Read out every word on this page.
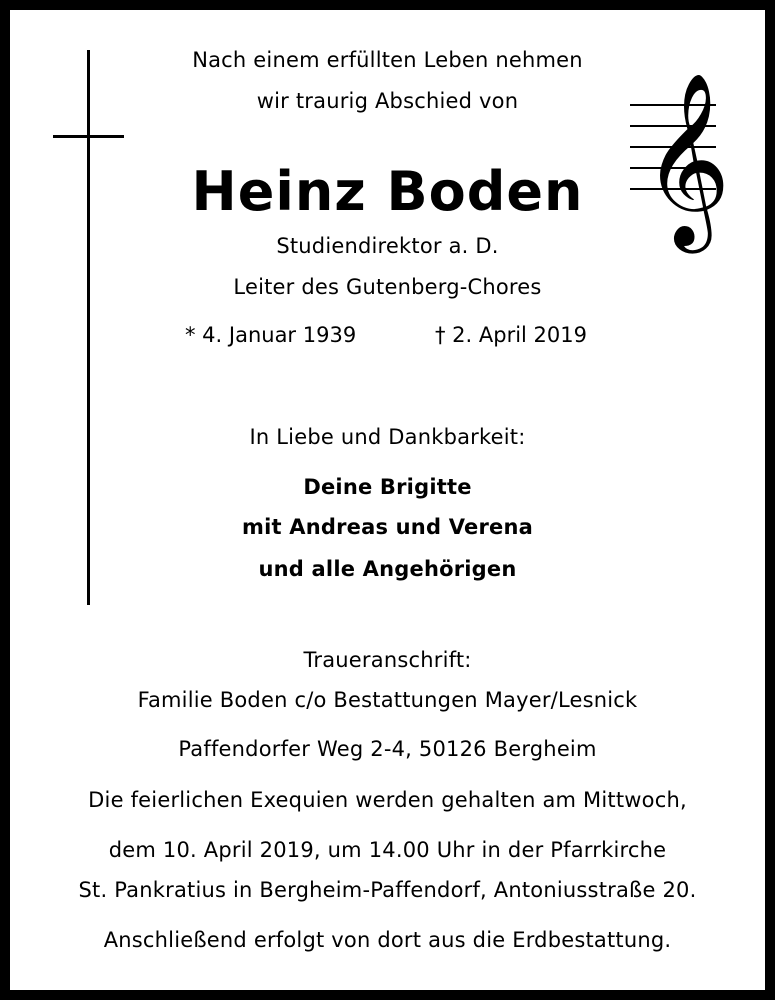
𝄞
Nach einem erfüllten Leben nehmen
wir traurig Abschied von
Heinz Boden
Studiendirektor a. D.
Leiter des Gutenberg-Chores
* 4. Januar 1939	† 2. April 2019
In Liebe und Dankbarkeit:
Deine Brigitte
mit Andreas und Verena
und alle Angehörigen
Traueranschrift:
Familie Boden c/o Bestattungen Mayer/Lesnick
Paffendorfer Weg 2-4, 50126 Bergheim
Die feierlichen Exequien werden gehalten am Mittwoch,
dem 10. April 2019, um 14.00 Uhr in der Pfarrkirche
St. Pankratius in Bergheim-Paffendorf, Antoniusstraße 20.
Anschließend erfolgt von dort aus die Erdbestattung.
